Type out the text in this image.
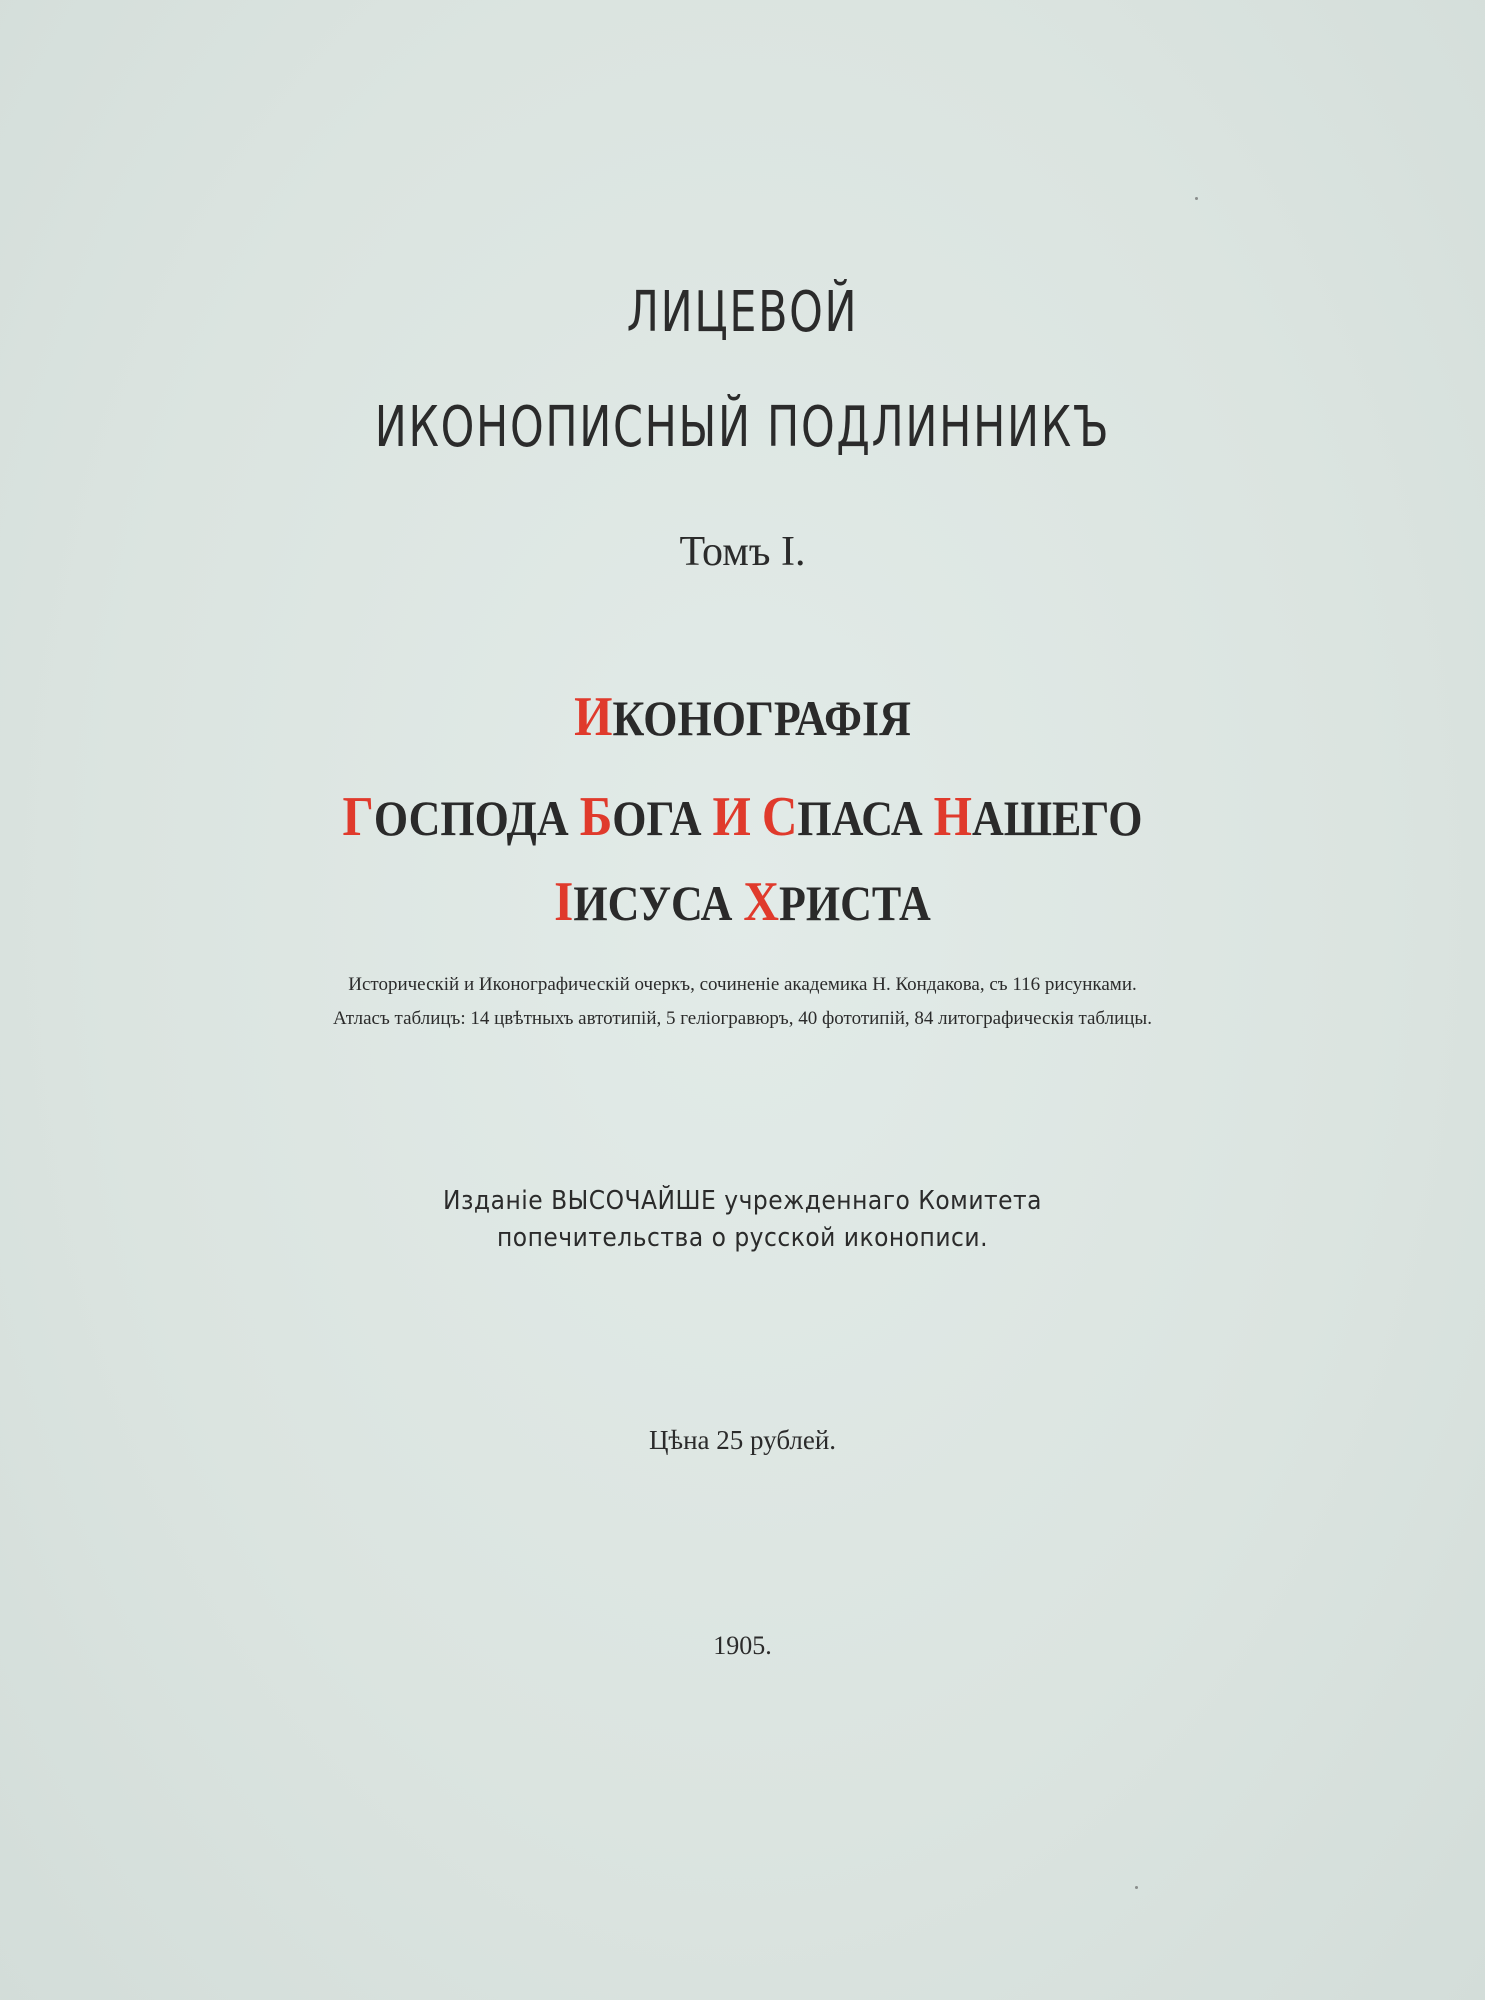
ЛИЦЕВОЙ
ИКОНОПИСНЫЙ ПОДЛИННИКЪ
Томъ I.
ИКОНОГРАФІЯ
ГОСПОДА БОГА И СПАСА НАШЕГО
ІИСУСА ХРИСТА
Историческій и Иконографическій очеркъ, сочиненіе академика Н. Кондакова, съ 116 рисунками.
Атласъ таблицъ: 14 цвѣтныхъ автотипій, 5 геліогравюръ, 40 фототипій, 84 литографическія таблицы.
Изданіе ВЫСОЧАЙШЕ учрежденнаго Комитета
попечительства о русской иконописи.
Цѣна 25 рублей.
1905.
